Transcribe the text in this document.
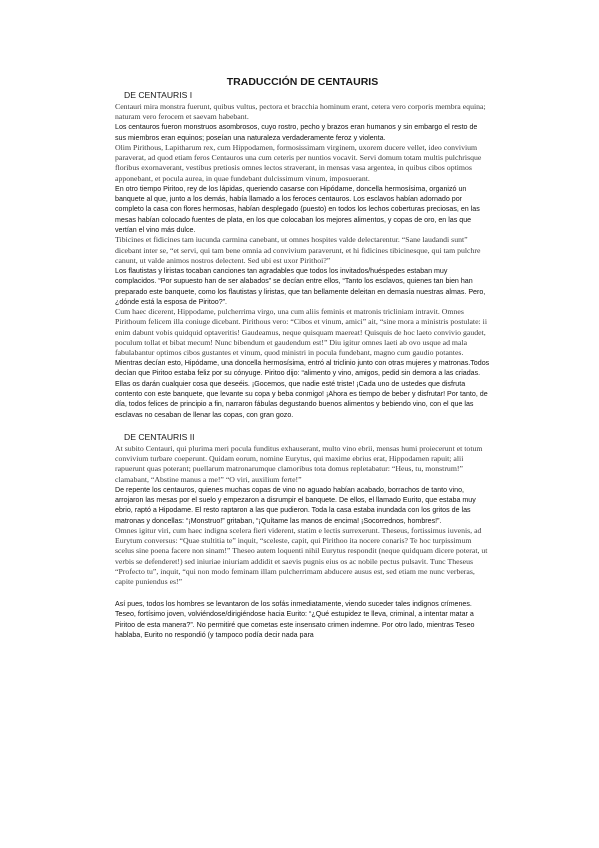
TRADUCCIÓN DE CENTAURIS
DE CENTAURIS I

Centauri mira monstra fuerunt, quibus vultus, pectora et bracchia hominum erant, cetera vero corporis membra equina; naturam vero ferocem et saevam habebant.

Los centauros fueron monstruos asombrosos, cuyo rostro, pecho y brazos eran humanos y sin embargo el resto de sus miembros eran equinos; poseían una naturaleza verdaderamente feroz y violenta.

Olim Pirithous, Lapitharum rex, cum Hippodamen, formosissimam virginem, uxorem ducere vellet, ideo convivium paraverat, ad quod etiam feros Centauros una cum ceteris per nuntios vocavit. Servi domum totam multis pulchrisque floribus exornaverant, vestibus pretiosis omnes lectos straverant, in mensas vasa argentea, in quibus cibos optimos apponebant, et pocula aurea, in quae fundebant dulcissimum vinum, imposuerant.

En otro tiempo Piritoo, rey de los lápidas, queriendo casarse con Hipódame, doncella hermosísima, organizó un banquete al que, junto a los demás, había llamado a los feroces centauros. Los esclavos habían adornado por completo la casa con flores hermosas, habían desplegado (puesto) en todos los lechos coberturas preciosas, en las mesas habían colocado fuentes de plata, en los que colocaban los mejores alimentos, y copas de oro, en las que vertían el vino más dulce.

Tibicines et fidicines tam iucunda carmina canebant, ut omnes hospites valde delectarentur. “Sane laudandi sunt” dicebant inter se, “et servi, qui tam bene omnia ad convivium paraverunt, et hi fidicines tibicinesque, qui tam pulchre canunt, ut valde animos nostros delectent. Sed ubi est uxor Pirithoi?”

Los flautistas y liristas tocaban canciones tan agradables que todos los invitados/huéspedes estaban muy complacidos. “Por supuesto han de ser alabados” se decían entre ellos, “Tanto los esclavos, quienes tan bien han preparado este banquete, como los flautistas y liristas, que tan bellamente deleitan en demasía nuestras almas. Pero, ¿dónde está la esposa de Piritoo?”.

Cum haec dicerent, Hippodame, pulcherrima virgo, una cum aliis feminis et matronis tricliniam intravit. Omnes Pirithoum felicem illa coniuge dicebant. Pirithous vero: “Cibos et vinum, amici” ait, “sine mora a ministris postulate: ii enim dabunt vobis quidquid optaveritis! Gaudeamus, neque quisquam maereat! Quisquis de hoc laeto convivio gaudet, poculum tollat et bibat mecum! Nunc bibendum et gaudendum est!” Diu igitur omnes laeti ab ovo usque ad mala fabulabantur optimos cibos gustantes et vinum, quod ministri in pocula fundebant, magno cum gaudio potantes.

Mientras decían esto, Hipódame, una doncella hermosísima, entró al triclinio junto con otras mujeres y matronas.Todos decían que Piritoo estaba feliz por su cónyuge. Piritoo dijo: “alimento y vino, amigos, pedid sin demora a las criadas. Ellas os darán cualquier cosa que deseéis. ¡Gocemos, que nadie esté triste! ¡Cada uno de ustedes que disfruta contento con este banquete, que levante su copa y beba conmigo! ¡Ahora es tiempo de beber y disfrutar! Por tanto, de día, todos felices de principio a fin, narraron fábulas degustando buenos alimentos y bebiendo vino, con el que las esclavas no cesaban de llenar las copas, con gran gozo.

DE CENTAURIS II

At subito Centauri, qui plurima meri pocula funditus exhauserant, multo vino ebrii, mensas humi proiecerunt et totum convivium turbare coeperunt. Quidam eorum, nomine Eurytus, qui maxime ebrius erat, Hippodamen rapuit; alii rapuerunt quas poterant; puellarum matronarumque clamoribus tota domus repletabatur: “Heus, tu, monstrum!” clamabant, “Abstine manus a me!” “O viri, auxilium ferte!”

De repente los centauros, quienes muchas copas de vino no aguado habían acabado, borrachos de tanto vino, arrojaron las mesas por el suelo y empezaron a disrumpir el banquete. De ellos, el llamado Eurito, que estaba muy ebrio, raptó a Hipodame. El resto raptaron a las que pudieron. Toda la casa estaba inundada con los gritos de las matronas y doncellas: “¡Monstruo!” gritaban, “¡Quítame las manos de encima! ¡Socorrednos, hombres!”.

Omnes igitur viri, cum haec indigna scelera fieri viderent, statim e lectis surrexerunt. Theseus, fortissimus iuvenis, ad Eurytum conversus: “Quae stultitia te” inquit, “sceleste, capit, qui Pirithoo ita nocere conaris? Te hoc turpissimum scelus sine poena facere non sinam!” Theseo autem loquenti nihil Eurytus respondit (neque quidquam dicere poterat, ut verbis se defenderet!) sed iniuriae iniuriam addidit et saevis pugnis eius os ac nobile pectus pulsavit. Tunc Theseus “Profecto tu”, inquit, “qui non modo feminam illam pulcherrimam abducere ausus est, sed etiam me nunc verberas, capite puniendus es!”

Así pues, todos los hombres se levantaron de los sofás inmediatamente, viendo suceder tales indignos crímenes. Teseo, fortísimo joven, volviéndose/dirigiéndose hacia Eurito: “¿Qué estupidez te lleva, criminal, a intentar matar a Piritoo de esta manera?”. No permitiré que cometas este insensato crimen indemne. Por otro lado, mientras Teseo hablaba, Eurito no respondió (y tampoco podía decir nada para
